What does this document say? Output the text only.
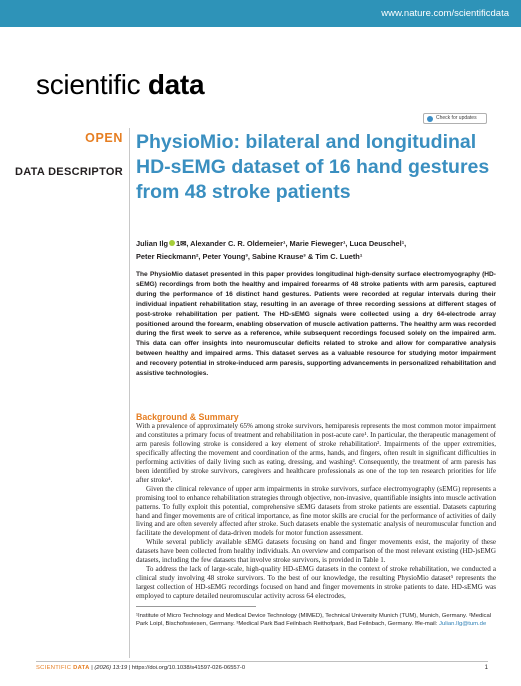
www.nature.com/scientificdata
scientific data
Check for updates
OPEN
DATA DESCRIPTOR
PhysioMio: bilateral and longitudinal HD-sEMG dataset of 16 hand gestures from 48 stroke patients
Julian Ilg 1✉, Alexander C. R. Oldemeier¹, Marie Fieweger¹, Luca Deuschel¹,
Peter Rieckmann², Peter Young³, Sabine Krause³ & Tim C. Lueth¹

The PhysioMio dataset presented in this paper provides longitudinal high-density surface electromyography (HD-sEMG) recordings from both the healthy and impaired forearms of 48 stroke patients with arm paresis, captured during the performance of 16 distinct hand gestures. Patients were recorded at regular intervals during their individual inpatient rehabilitation stay, resulting in an average of three recording sessions at different stages of post-stroke rehabilitation per patient. The HD-sEMG signals were collected using a dry 64-electrode array positioned around the forearm, enabling observation of muscle activation patterns. The healthy arm was recorded during the first week to serve as a reference, while subsequent recordings focused solely on the impaired arm. This data can offer insights into neuromuscular deficits related to stroke and allow for comparative analysis between healthy and impaired arms. This dataset serves as a valuable resource for studying motor impairment and recovery potential in stroke-induced arm paresis, supporting advancements in personalized rehabilitation and assistive technologies.

Background & Summary

With a prevalence of approximately 65% among stroke survivors, hemiparesis represents the most common motor impairment and constitutes a primary focus of treatment and rehabilitation in post-acute care¹. In particular, the therapeutic management of arm paresis following stroke is considered a key element of stroke rehabilitation². Impairments of the upper extremities, specifically affecting the movement and coordination of the arms, hands, and fingers, often result in significant difficulties in performing activities of daily living such as eating, dressing, and washing³. Consequently, the treatment of arm paresis has been identified by stroke survivors, caregivers and healthcare professionals as one of the top ten research priorities for life after stroke⁴.

Given the clinical relevance of upper arm impairments in stroke survivors, surface electromyography (sEMG) represents a promising tool to enhance rehabilitation strategies through objective, non-invasive, quantifiable insights into muscle activation patterns. To fully exploit this potential, comprehensive sEMG datasets from stroke patients are essential. Datasets capturing hand and finger movements are of critical importance, as fine motor skills are crucial for the performance of activities of daily living and are often severely affected after stroke. Such datasets enable the systematic analysis of neuromuscular function and facilitate the development of data-driven models for motor function assessment.

While several publicly available sEMG datasets focusing on hand and finger movements exist, the majority of these datasets have been collected from healthy individuals. An overview and comparison of the most relevant existing (HD-)sEMG datasets, including the few datasets that involve stroke survivors, is provided in Table 1.

To address the lack of large-scale, high-quality HD-sEMG datasets in the context of stroke rehabilitation, we conducted a clinical study involving 48 stroke survivors. To the best of our knowledge, the resulting PhysioMio dataset⁵ represents the largest collection of HD-sEMG recordings focused on hand and finger movements in stroke patients to date. HD-sEMG was employed to capture detailed neuromuscular activity across 64 electrodes,

¹Institute of Micro Technology and Medical Device Technology (MIMED), Technical University Munich (TUM), Munich, Germany. ²Medical Park Loipl, Bischofswiesen, Germany. ³Medical Park Bad Feilnbach Reithofpark, Bad Feilnbach, Germany. ✉e-mail: Julian.Ilg@tum.de

SCIENTIFIC DATA | (2026) 13:19 | https://doi.org/10.1038/s41597-026-06557-0	1
